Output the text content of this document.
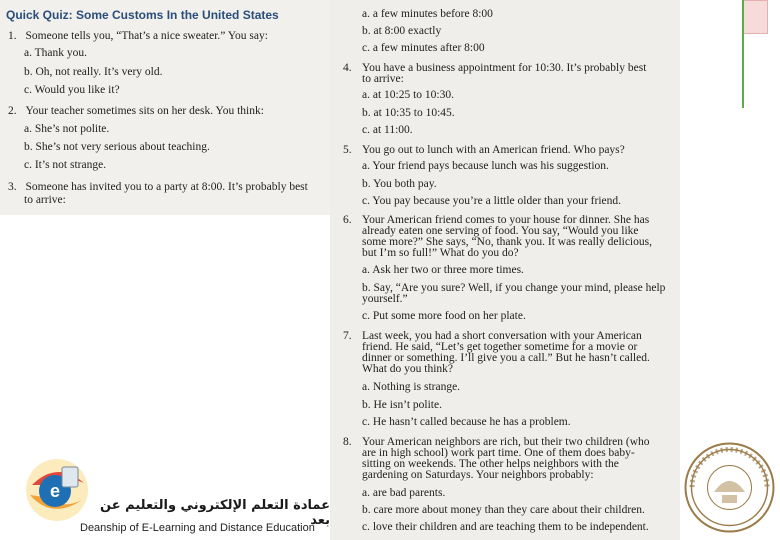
Quick Quiz: Some Customs In the United States
1. Someone tells you, “That’s a nice sweater.” You say:
a. Thank you.
b. Oh, not really. It’s very old.
c. Would you like it?
2. Your teacher sometimes sits on her desk. You think:
a. She’s not polite.
b. She’s not very serious about teaching.
c. It’s not strange.
3. Someone has invited you to a party at 8:00. It’s probably best
to arrive:
a. a few minutes before 8:00
b. at 8:00 exactly
c. a few minutes after 8:00
4. You have a business appointment for 10:30. It’s probably best
to arrive:
a. at 10:25 to 10:30.
b. at 10:35 to 10:45.
c. at 11:00.
5. You go out to lunch with an American friend. Who pays?
a. Your friend pays because lunch was his suggestion.
b. You both pay.
c. You pay because you’re a little older than your friend.
6. Your American friend comes to your house for dinner. She has
already eaten one serving of food. You say, “Would you like
some more?” She says, “No, thank you. It was really delicious,
but I’m so full!” What do you do?
a. Ask her two or three more times.
b. Say, “Are you sure? Well, if you change your mind, please help
yourself.”
c. Put some more food on her plate.
7. Last week, you had a short conversation with your American
friend. He said, “Let’s get together sometime for a movie or
dinner or something. I’ll give you a call.” But he hasn’t called.
What do you think?
a. Nothing is strange.
b. He isn’t polite.
c. He hasn’t called because he has a problem.
8. Your American neighbors are rich, but their two children (who
are in high school) work part time. One of them does baby-
sitting on weekends. The other helps neighbors with the
gardening on Saturdays. Your neighbors probably:
a. are bad parents.
b. care more about money than they care about their children.
c. love their children and are teaching them to be independent.
e
عمادة التعلم الإلكتروني والتعليم عن بعد
Deanship of E-Learning and Distance Education
